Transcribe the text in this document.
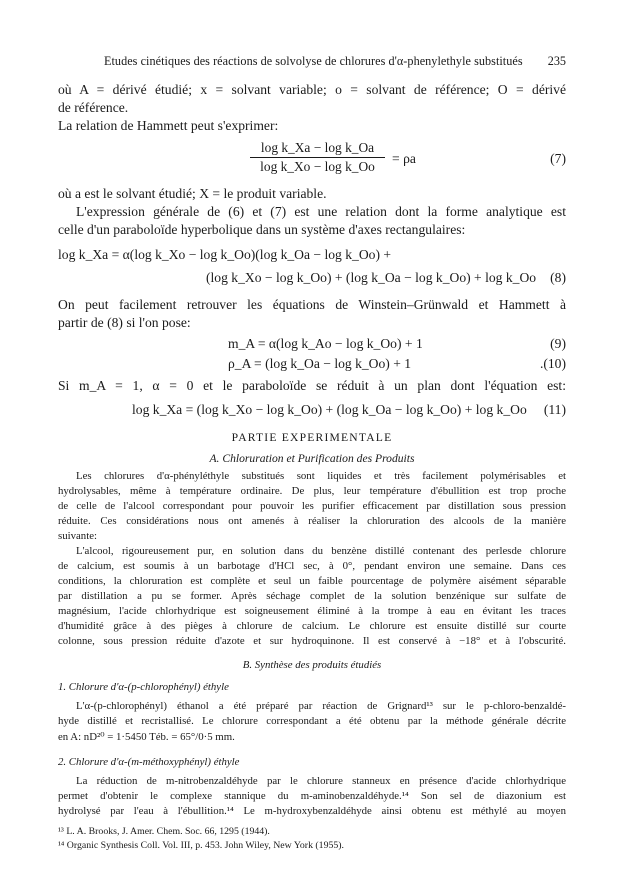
Etudes cinétiques des réactions de solvolyse de chlorures d'α-phenylethyle substitués 235
où A = dérivé étudié; x = solvant variable; o = solvant de référence; O = dérivé
de référence.
La relation de Hammett peut s'exprimer:
$\frac{\text{log k\_Xa − log k\_Oa}}{\text{log k\_Xo − log k\_Oo}} = \rho a$	(7)
où a est le solvant étudié; X = le produit variable.
L'expression générale de (6) et (7) est une relation dont la forme analytique est
celle d'un paraboloïde hyperbolique dans un système d'axes rectangulaires:
log k_Xa = α(log k_Xo − log k_Oo)(log k_Oa − log k_Oo) +
(log k_Xo − log k_Oo) + (log k_Oa − log k_Oo) + log k_Oo (8)
On peut facilement retrouver les équations de Winstein–Grünwald et Hammett à
partir de (8) si l'on pose:
m_A = α(log k_Ao − log k_Oo) + 1	(9)
ρ_A = (log k_Oa − log k_Oo) + 1	.(10)
Si m_A = 1, α = 0 et le paraboloïde se réduit à un plan dont l'équation est:
log k_Xa = (log k_Xo − log k_Oo) + (log k_Oa − log k_Oo) + log k_Oo (11)
PARTIE EXPERIMENTALE
A. Chloruration et Purification des Produits
Les chlorures d'α-phényléthyle substitués sont liquides et très facilement polymérisables et
hydrolysables, même à température ordinaire. De plus, leur température d'ébullition est trop proche
de celle de l'alcool correspondant pour pouvoir les purifier efficacement par distillation sous pression
réduite. Ces considérations nous ont amenés à réaliser la chloruration des alcools de la manière
suivante:
L'alcool, rigoureusement pur, en solution dans du benzène distillé contenant des perlesde chlorure
de calcium, est soumis à un barbotage d'HCl sec, à 0°, pendant environ une semaine. Dans ces
conditions, la chloruration est complète et seul un faible pourcentage de polymère aisément séparable
par distillation a pu se former. Après séchage complet de la solution benzénique sur sulfate de
magnésium, l'acide chlorhydrique est soigneusement éliminé à la trompe à eau en évitant les traces
d'humidité grâce à des pièges à chlorure de calcium. Le chlorure est ensuite distillé sur courte
colonne, sous pression réduite d'azote et sur hydroquinone. Il est conservé à −18° et à l'obscurité.
B. Synthèse des produits étudiés
1. Chlorure d'α-(p-chlorophényl) éthyle
L'α-(p-chlorophényl) éthanol a été préparé par réaction de Grignard¹³ sur le p-chloro-benzaldé-
hyde distillé et recristallisé. Le chlorure correspondant a été obtenu par la méthode générale décrite
en A: nD²⁰ = 1·5450 Téb. = 65°/0·5 mm.
2. Chlorure d'α-(m-méthoxyphényl) éthyle
La réduction de m-nitrobenzaldéhyde par le chlorure stanneux en présence d'acide chlorhydrique
permet d'obtenir le complexe stannique du m-aminobenzaldéhyde.¹⁴ Son sel de diazonium est
hydrolysé par l'eau à l'ébullition.¹⁴ Le m-hydroxybenzaldéhyde ainsi obtenu est méthylé au moyen
¹³ L. A. Brooks, J. Amer. Chem. Soc. 66, 1295 (1944).
¹⁴ Organic Synthesis Coll. Vol. III, p. 453. John Wiley, New York (1955).
